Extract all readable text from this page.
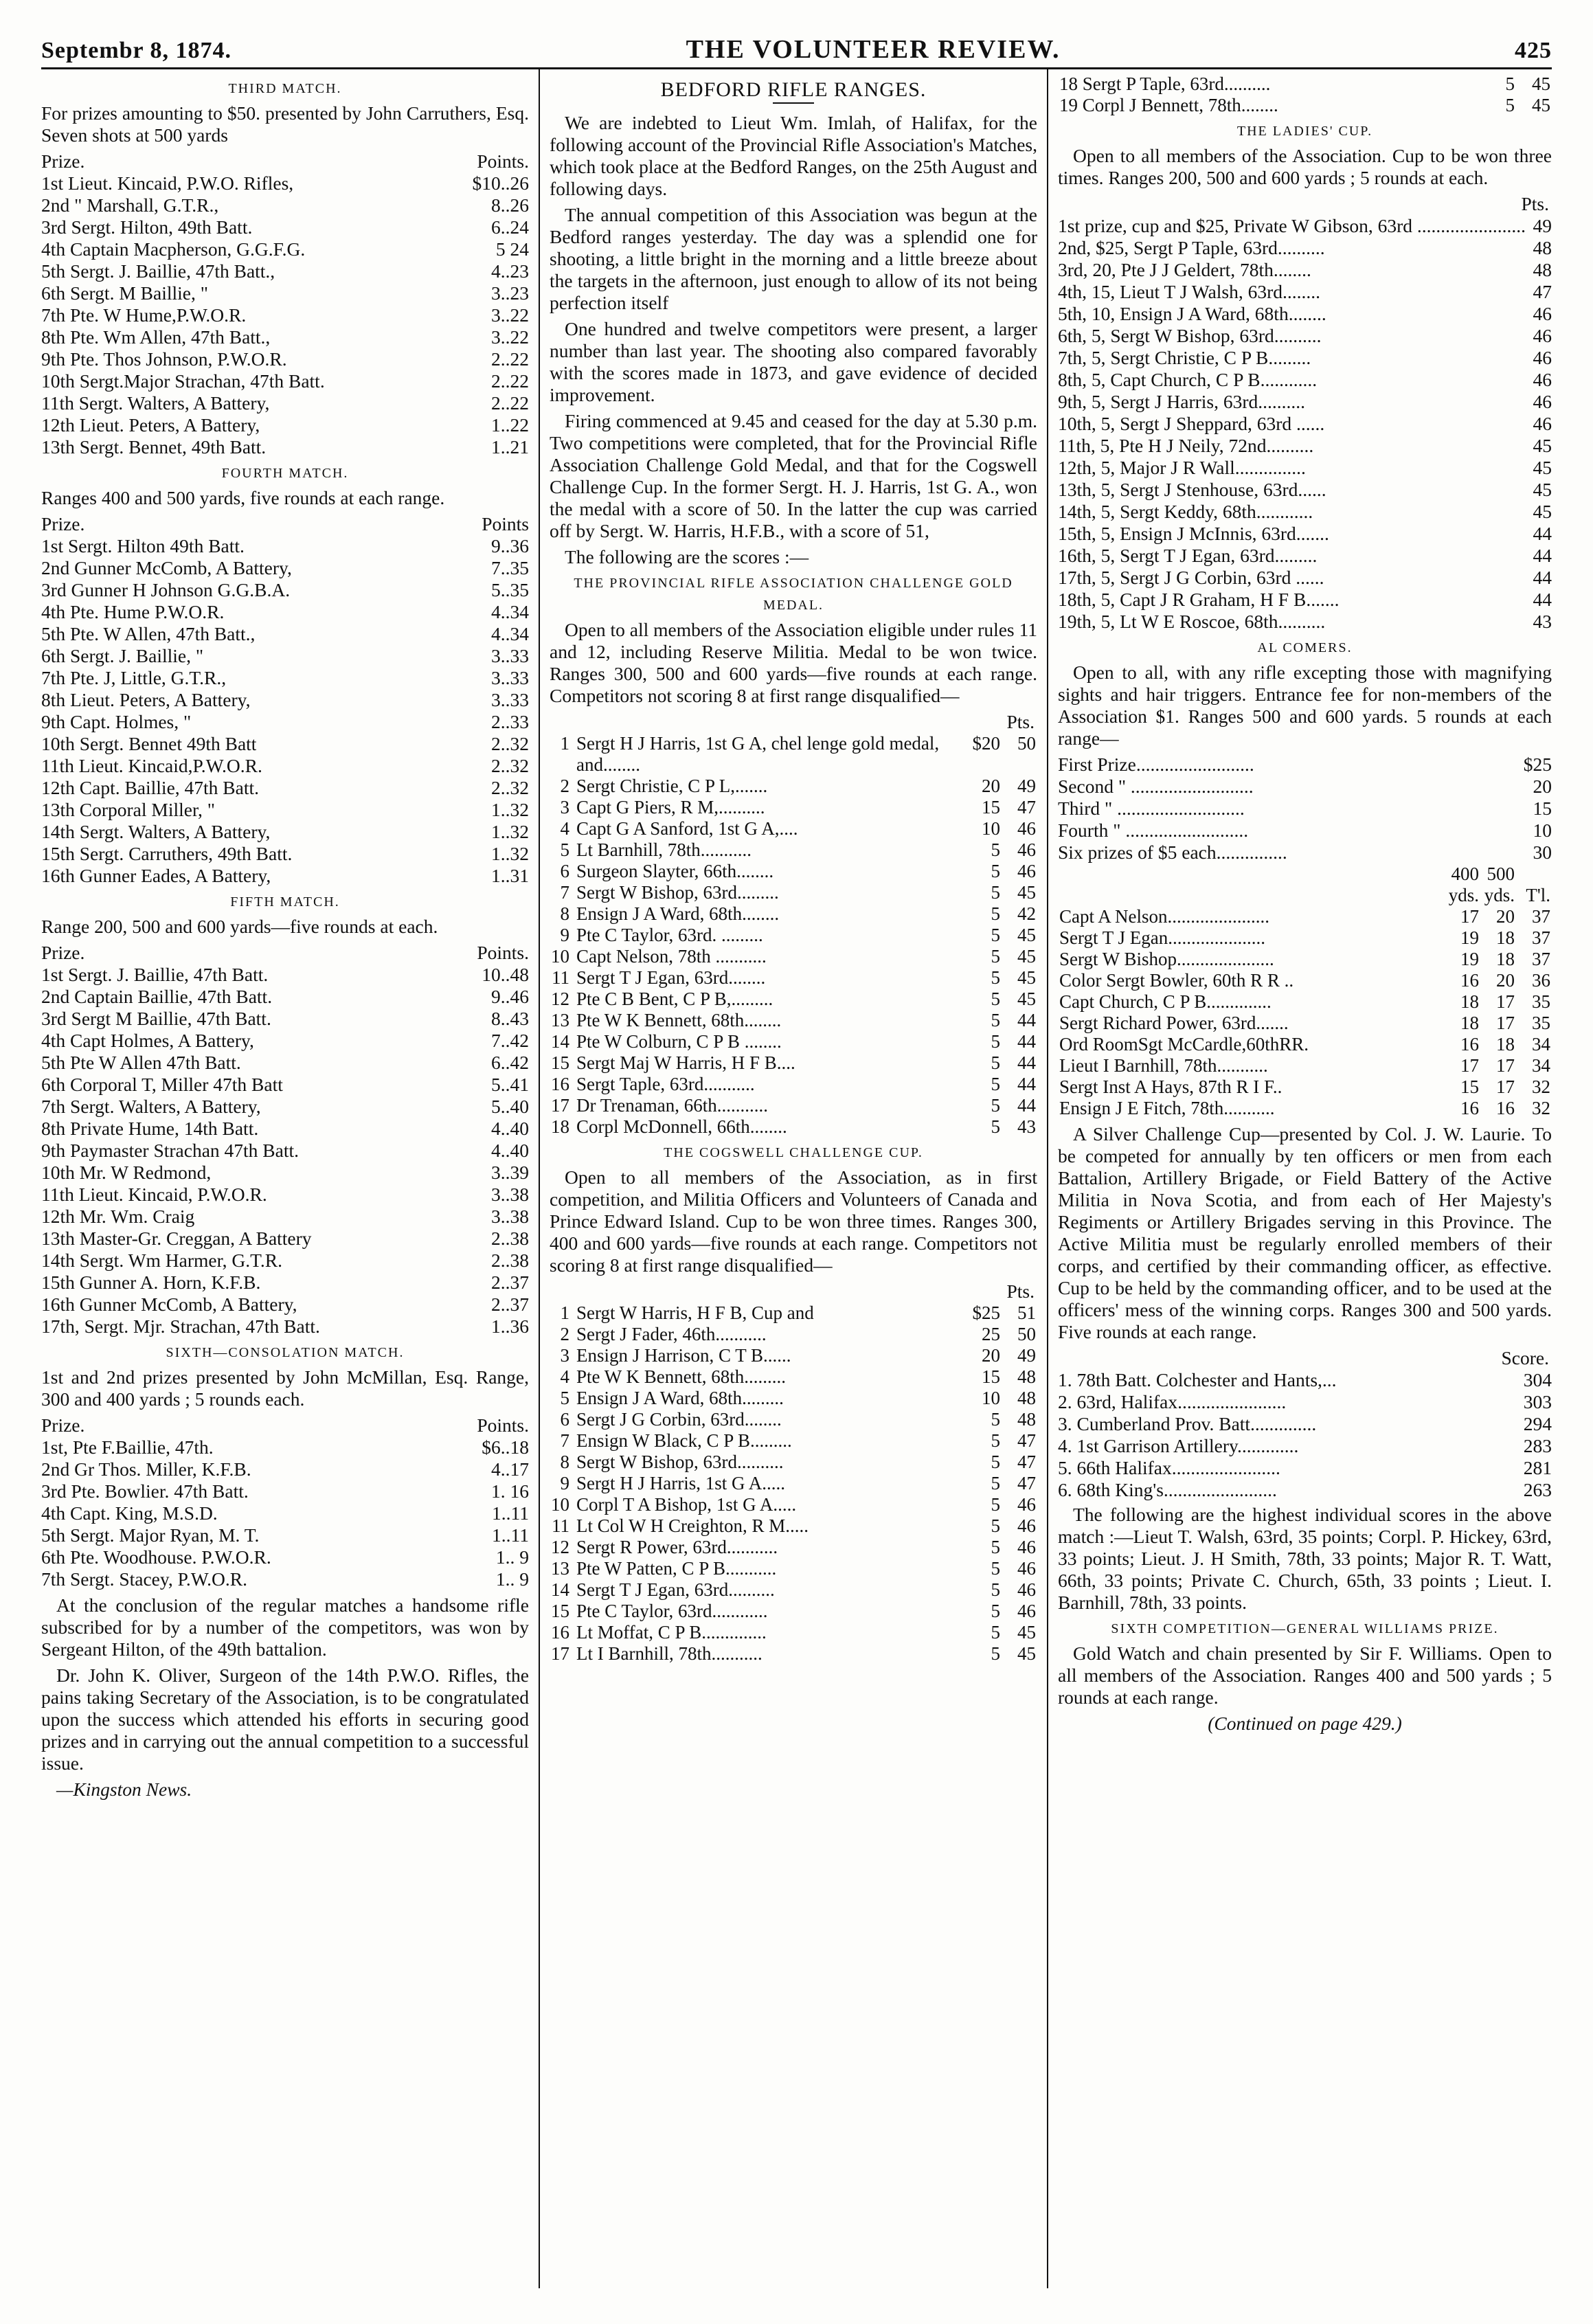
Septembr 8, 1874.	THE VOLUNTEER REVIEW.	425
THIRD MATCH.

For prizes amounting to $50. presented by John Carruthers, Esq. Seven shots at 500 yards

Prize.	Points.
1st Lieut. Kincaid, P.W.O. Rifles,	$10..26
2nd " Marshall, G.T.R.,	8..26
3rd Sergt. Hilton, 49th Batt.	6..24
4th Captain Macpherson, G.G.F.G.	5 24
5th Sergt. J. Baillie, 47th Batt.,	4..23
6th Sergt. M Baillie, "	3..23
7th Pte. W Hume,P.W.O.R.	3..22
8th Pte. Wm Allen, 47th Batt.,	3..22
9th Pte. Thos Johnson, P.W.O.R.	2..22
10th Sergt.Major Strachan, 47th Batt.	2..22
11th Sergt. Walters, A Battery,	2..22
12th Lieut. Peters, A Battery,	1..22
13th Sergt. Bennet, 49th Batt.	1..21
FOURTH MATCH.

Ranges 400 and 500 yards, five rounds at each range.

Prize.	Points
1st Sergt. Hilton 49th Batt.	9..36
2nd Gunner McComb, A Battery,	7..35
3rd Gunner H Johnson G.G.B.A.	5..35
4th Pte. Hume P.W.O.R.	4..34
5th Pte. W Allen, 47th Batt.,	4..34
6th Sergt. J. Baillie, "	3..33
7th Pte. J, Little, G.T.R.,	3..33
8th Lieut. Peters, A Battery,	3..33
9th Capt. Holmes, "	2..33
10th Sergt. Bennet 49th Batt	2..32
11th Lieut. Kincaid,P.W.O.R.	2..32
12th Capt. Baillie, 47th Batt.	2..32
13th Corporal Miller, "	1..32
14th Sergt. Walters, A Battery,	1..32
15th Sergt. Carruthers, 49th Batt.	1..32
16th Gunner Eades, A Battery,	1..31
FIFTH MATCH.

Range 200, 500 and 600 yards—five rounds at each.

Prize.	Points.
1st Sergt. J. Baillie, 47th Batt.	10..48
2nd Captain Baillie, 47th Batt.	9..46
3rd Sergt M Baillie, 47th Batt.	8..43
4th Capt Holmes, A Battery,	7..42
5th Pte W Allen 47th Batt.	6..42
6th Corporal T, Miller 47th Batt	5..41
7th Sergt. Walters, A Battery,	5..40
8th Private Hume, 14th Batt.	4..40
9th Paymaster Strachan 47th Batt.	4..40
10th Mr. W Redmond,	3..39
11th Lieut. Kincaid, P.W.O.R.	3..38
12th Mr. Wm. Craig	3..38
13th Master-Gr. Creggan, A Battery	2..38
14th Sergt. Wm Harmer, G.T.R.	2..38
15th Gunner A. Horn, K.F.B.	2..37
16th Gunner McComb, A Battery,	2..37
17th, Sergt. Mjr. Strachan, 47th Batt.	1..36
SIXTH—CONSOLATION MATCH.

1st and 2nd prizes presented by John McMillan, Esq. Range, 300 and 400 yards ; 5 rounds each.

Prize.	Points.
1st, Pte F.Baillie, 47th.	$6..18
2nd Gr Thos. Miller, K.F.B.	4..17
3rd Pte. Bowlier. 47th Batt.	1. 16
4th Capt. King, M.S.D.	1..11
5th Sergt. Major Ryan, M. T.	1..11
6th Pte. Woodhouse. P.W.O.R.	1.. 9
7th Sergt. Stacey, P.W.O.R.	1.. 9

At the conclusion of the regular matches a handsome rifle subscribed for by a number of the competitors, was won by Sergeant Hilton, of the 49th battalion.

Dr. John K. Oliver, Surgeon of the 14th P.W.O. Rifles, the pains taking Secretary of the Association, is to be congratulated upon the success which attended his efforts in securing good prizes and in carrying out the annual competition to a successful issue.

—Kingston News.

BEDFORD RIFLE RANGES.

We are indebted to Lieut Wm. Imlah, of Halifax, for the following account of the Provincial Rifle Association's Matches, which took place at the Bedford Ranges, on the 25th August and following days.

The annual competition of this Association was begun at the Bedford ranges yesterday. The day was a splendid one for shooting, a little bright in the morning and a little breeze about the targets in the afternoon, just enough to allow of its not being perfection itself

One hundred and twelve competitors were present, a larger number than last year. The shooting also compared favorably with the scores made in 1873, and gave evidence of decided improvement.

Firing commenced at 9.45 and ceased for the day at 5.30 p.m. Two competitions were completed, that for the Provincial Rifle Association Challenge Gold Medal, and that for the Cogswell Challenge Cup. In the former Sergt. H. J. Harris, 1st G. A., won the medal with a score of 50. In the latter the cup was carried off by Sergt. W. Harris, H.F.B., with a score of 51,

The following are the scores :—

THE PROVINCIAL RIFLE ASSOCIATION CHALLENGE GOLD MEDAL.

Open to all members of the Association eligible under rules 11 and 12, including Reserve Militia. Medal to be won twice. Ranges 300, 500 and 600 yards—five rounds at each range. Competitors not scoring 8 at first range disqualified—

Pts.
1	Sergt H J Harris, 1st G A, chel lenge gold medal, and........	$20	50
2	Sergt Christie, C P L,.......	20	49
3	Capt G Piers, R M,..........	15	47
4	Capt G A Sanford, 1st G A,....	10	46
5	Lt Barnhill, 78th...........	5	46
6	Surgeon Slayter, 66th........	5	46
7	Sergt W Bishop, 63rd.........	5	45
8	Ensign J A Ward, 68th........	5	42
9	Pte C Taylor, 63rd. .........	5	45
10	Capt Nelson, 78th ...........	5	45
11	Sergt T J Egan, 63rd........	5	45
12	Pte C B Bent, C P B,.........	5	45
13	Pte W K Bennett, 68th........	5	44
14	Pte W Colburn, C P B ........	5	44
15	Sergt Maj W Harris, H F B....	5	44
16	Sergt Taple, 63rd...........	5	44
17	Dr Trenaman, 66th...........	5	44
18	Corpl McDonnell, 66th........	5	43
THE COGSWELL CHALLENGE CUP.

Open to all members of the Association, as in first competition, and Militia Officers and Volunteers of Canada and Prince Edward Island. Cup to be won three times. Ranges 300, 400 and 600 yards—five rounds at each range. Competitors not scoring 8 at first range disqualified—

Pts.
1	Sergt W Harris, H F B, Cup and	$25	51
2	Sergt J Fader, 46th...........	25	50
3	Ensign J Harrison, C T B......	20	49
4	Pte W K Bennett, 68th.........	15	48
5	Ensign J A Ward, 68th.........	10	48
6	Sergt J G Corbin, 63rd........	5	48
7	Ensign W Black, C P B.........	5	47
8	Sergt W Bishop, 63rd..........	5	47
9	Sergt H J Harris, 1st G A.....	5	47
10	Corpl T A Bishop, 1st G A.....	5	46
11	Lt Col W H Creighton, R M.....	5	46
12	Sergt R Power, 63rd...........	5	46
13	Pte W Patten, C P B...........	5	46
14	Sergt T J Egan, 63rd..........	5	46
15	Pte C Taylor, 63rd............	5	46
16	Lt Moffat, C P B..............	5	45
17	Lt I Barnhill, 78th...........	5	45
18 Sergt P Taple, 63rd..........	5	45
19 Corpl J Bennett, 78th........	5	45
THE LADIES' CUP.

Open to all members of the Association. Cup to be won three times. Ranges 200, 500 and 600 yards ; 5 rounds at each.

Pts.
1st prize, cup and $25, Private W Gibson, 63rd ....................... 49
2nd, $25, Sergt P Taple, 63rd..........	48
3rd, 20, Pte J J Geldert, 78th........	48
4th, 15, Lieut T J Walsh, 63rd........	47
5th, 10, Ensign J A Ward, 68th........	46
6th, 5, Sergt W Bishop, 63rd..........	46
7th, 5, Sergt Christie, C P B.........	46
8th, 5, Capt Church, C P B............	46
9th, 5, Sergt J Harris, 63rd..........	46
10th, 5, Sergt J Sheppard, 63rd ......	46
11th, 5, Pte H J Neily, 72nd..........	45
12th, 5, Major J R Wall...............	45
13th, 5, Sergt J Stenhouse, 63rd......	45
14th, 5, Sergt Keddy, 68th............	45
15th, 5, Ensign J McInnis, 63rd.......	44
16th, 5, Sergt T J Egan, 63rd.........	44
17th, 5, Sergt J G Corbin, 63rd ......	44
18th, 5, Capt J R Graham, H F B.......	44
19th, 5, Lt W E Roscoe, 68th..........	43
AL COMERS.

Open to all, with any rifle excepting those with magnifying sights and hair triggers. Entrance fee for non-members of the Association $1. Ranges 500 and 600 yards. 5 rounds at each range—

First Prize.........................	$25
Second " ..........................	20
Third " ...........................	15
Fourth " ..........................	10
Six prizes of $5 each...............	30
	400	500	
	yds.	yds.	T'l.
Capt A Nelson......................	17	20	37
Sergt T J Egan.....................	19	18	37
Sergt W Bishop.....................	19	18	37
Color Sergt Bowler, 60th R R ..	16	20	36
Capt Church, C P B..............	18	17	35
Sergt Richard Power, 63rd.......	18	17	35
Ord RoomSgt McCardle,60thRR.	16	18	34
Lieut I Barnhill, 78th...........	17	17	34
Sergt Inst A Hays, 87th R I F..	15	17	32
Ensign J E Fitch, 78th...........	16	16	32

A Silver Challenge Cup—presented by Col. J. W. Laurie. To be competed for annually by ten officers or men from each Battalion, Artillery Brigade, or Field Battery of the Active Militia in Nova Scotia, and from each of Her Majesty's Regiments or Artillery Brigades serving in this Province. The Active Militia must be regularly enrolled members of their corps, and certified by their commanding officer, as effective. Cup to be held by the commanding officer, and to be used at the officers' mess of the winning corps. Ranges 300 and 500 yards. Five rounds at each range.

Score.
1. 78th Batt. Colchester and Hants,...	304
2. 63rd, Halifax.......................	303
3. Cumberland Prov. Batt..............	294
4. 1st Garrison Artillery.............	283
5. 66th Halifax.......................	281
6. 68th King's........................	263

The following are the highest individual scores in the above match :—Lieut T. Walsh, 63rd, 35 points; Corpl. P. Hickey, 63rd, 33 points; Lieut. J. H Smith, 78th, 33 points; Major R. T. Watt, 66th, 33 points; Private C. Church, 65th, 33 points ; Lieut. I. Barnhill, 78th, 33 points.

SIXTH COMPETITION—GENERAL WILLIAMS PRIZE.

Gold Watch and chain presented by Sir F. Williams. Open to all members of the Association. Ranges 400 and 500 yards ; 5 rounds at each range.

(Continued on page 429.)
